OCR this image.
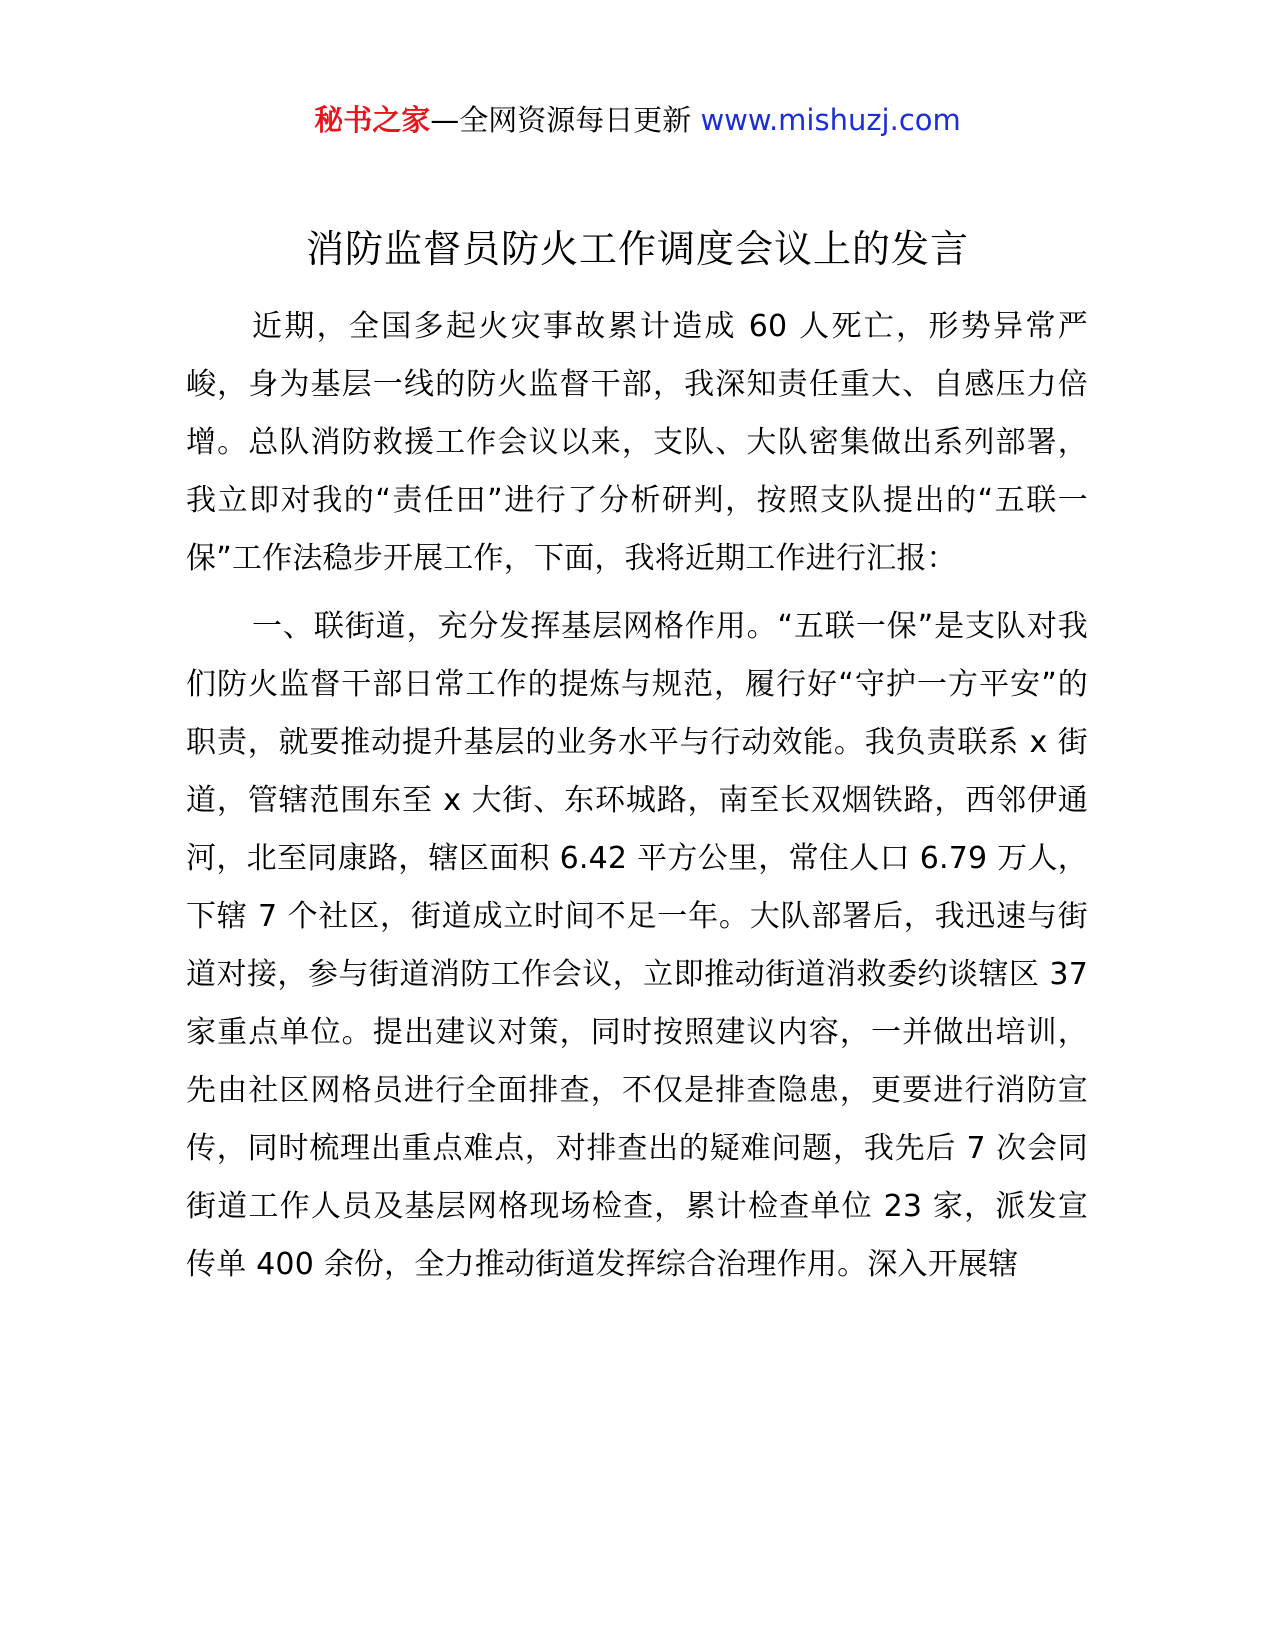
秘书之家—全网资源每日更新 www.mishuzj.com
消防监督员防火工作调度会议上的发言

近期，全国多起火灾事故累计造成 60 人死亡，形势异常严峻，身为基层一线的防火监督干部，我深知责任重大、自感压力倍增。总队消防救援工作会议以来，支队、大队密集做出系列部署，我立即对我的“责任田”进行了分析研判，按照支队提出的“五联一保”工作法稳步开展工作，下面，我将近期工作进行汇报：

一、联街道，充分发挥基层网格作用。“五联一保”是支队对我们防火监督干部日常工作的提炼与规范，履行好“守护一方平安”的职责，就要推动提升基层的业务水平与行动效能。我负责联系 x 街道，管辖范围东至 x 大街、东环城路，南至长双烟铁路，西邻伊通河，北至同康路，辖区面积 6.42 平方公里，常住人口 6.79 万人，下辖 7 个社区，街道成立时间不足一年。大队部署后，我迅速与街道对接，参与街道消防工作会议，立即推动街道消救委约谈辖区 37 家重点单位。提出建议对策，同时按照建议内容，一并做出培训，先由社区网格员进行全面排查，不仅是排查隐患，更要进行消防宣传，同时梳理出重点难点，对排查出的疑难问题，我先后 7 次会同街道工作人员及基层网格现场检查，累计检查单位 23 家，派发宣传单 400 余份，全力推动街道发挥综合治理作用。深入开展辖
